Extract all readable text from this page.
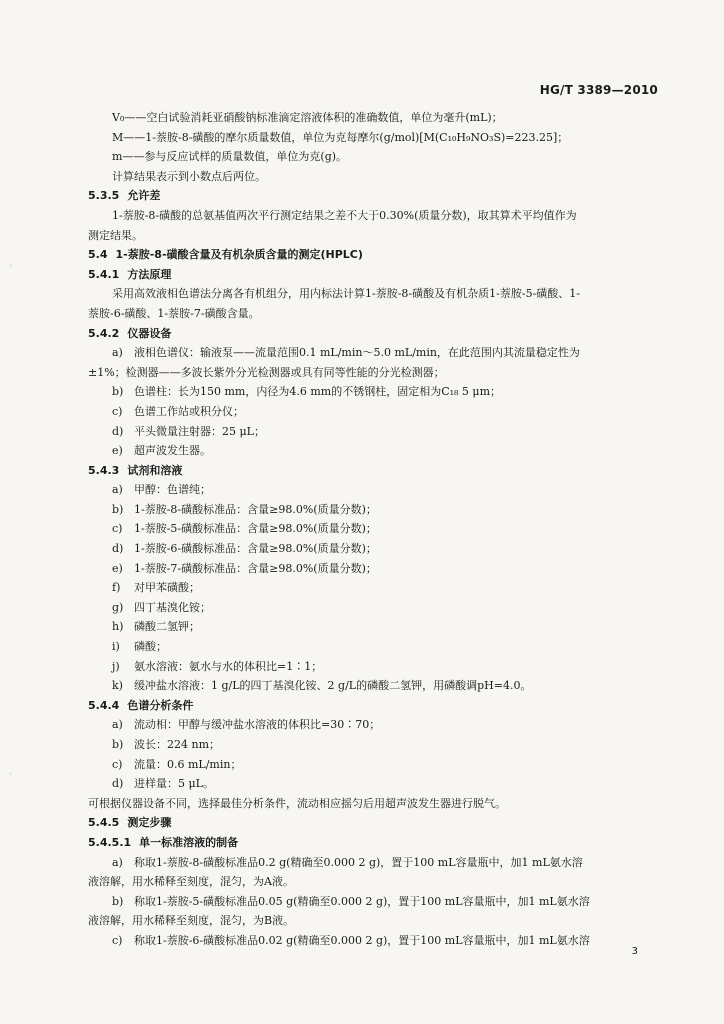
HG/T 3389—2010
◦
◦
V₀——空白试验消耗亚硝酸钠标准滴定溶液体积的准确数值，单位为毫升(mL)；
M——1-萘胺-8-磺酸的摩尔质量数值，单位为克每摩尔(g/mol)[M(C₁₀H₉NO₃S)=223.25]；
m——参与反应试样的质量数值，单位为克(g)。
计算结果表示到小数点后两位。
5.3.5 允许差
1-萘胺-8-磺酸的总氨基值两次平行测定结果之差不大于0.30%(质量分数)，取其算术平均值作为
测定结果。
5.4 1-萘胺-8-磺酸含量及有机杂质含量的测定(HPLC)
5.4.1 方法原理
采用高效液相色谱法分离各有机组分，用内标法计算1-萘胺-8-磺酸及有机杂质1-萘胺-5-磺酸、1-
萘胺-6-磺酸、1-萘胺-7-磺酸含量。
5.4.2 仪器设备
a) 液相色谱仪：输液泵——流量范围0.1 mL/min～5.0 mL/min，在此范围内其流量稳定性为
±1%；检测器——多波长紫外分光检测器或具有同等性能的分光检测器；
b) 色谱柱：长为150 mm，内径为4.6 mm的不锈钢柱，固定相为C₁₈ 5 μm；
c) 色谱工作站或积分仪；
d) 平头微量注射器：25 μL；
e) 超声波发生器。
5.4.3 试剂和溶液
a) 甲醇：色谱纯；
b) 1-萘胺-8-磺酸标准品：含量≥98.0%(质量分数)；
c) 1-萘胺-5-磺酸标准品：含量≥98.0%(质量分数)；
d) 1-萘胺-6-磺酸标准品：含量≥98.0%(质量分数)；
e) 1-萘胺-7-磺酸标准品：含量≥98.0%(质量分数)；
f) 对甲苯磺酸；
g) 四丁基溴化铵；
h) 磷酸二氢钾；
i) 磷酸；
j) 氨水溶液：氨水与水的体积比=1∶1；
k) 缓冲盐水溶液：1 g/L的四丁基溴化铵、2 g/L的磷酸二氢钾，用磷酸调pH=4.0。
5.4.4 色谱分析条件
a) 流动相：甲醇与缓冲盐水溶液的体积比=30∶70；
b) 波长：224 nm；
c) 流量：0.6 mL/min；
d) 进样量：5 μL。
可根据仪器设备不同，选择最佳分析条件，流动相应摇匀后用超声波发生器进行脱气。
5.4.5 测定步骤
5.4.5.1 单一标准溶液的制备
a) 称取1-萘胺-8-磺酸标准品0.2 g(精确至0.000 2 g)，置于100 mL容量瓶中，加1 mL氨水溶
液溶解，用水稀释至刻度，混匀，为A液。
b) 称取1-萘胺-5-磺酸标准品0.05 g(精确至0.000 2 g)，置于100 mL容量瓶中，加1 mL氨水溶
液溶解，用水稀释至刻度，混匀，为B液。
c) 称取1-萘胺-6-磺酸标准品0.02 g(精确至0.000 2 g)，置于100 mL容量瓶中，加1 mL氨水溶
3
